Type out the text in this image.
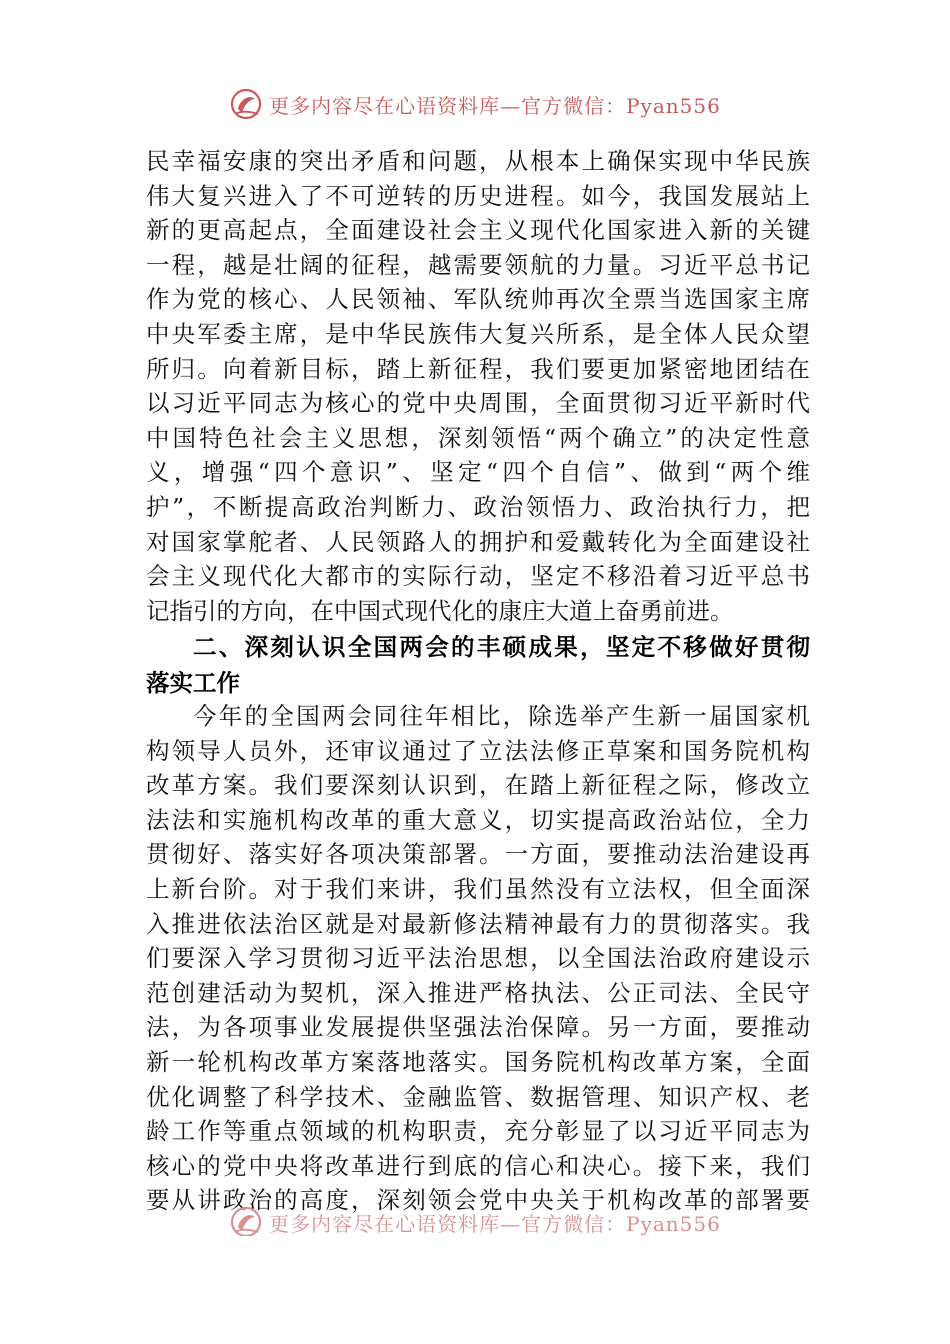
更多内容尽在心语资料库—官方微信：Pyan556
民幸福安康的突出矛盾和问题，从根本上确保实现中华民族
伟大复兴进入了不可逆转的历史进程。如今，我国发展站上
新的更高起点，全面建设社会主义现代化国家进入新的关键
一程，越是壮阔的征程，越需要领航的力量。习近平总书记
作为党的核心、人民领袖、军队统帅再次全票当选国家主席
中央军委主席，是中华民族伟大复兴所系，是全体人民众望
所归。向着新目标，踏上新征程，我们要更加紧密地团结在
以习近平同志为核心的党中央周围，全面贯彻习近平新时代
中国特色社会主义思想，深刻领悟“两个确立”的决定性意
义，增强“四个意识”、坚定“四个自信”、做到“两个维
护”，不断提高政治判断力、政治领悟力、政治执行力，把
对国家掌舵者、人民领路人的拥护和爱戴转化为全面建设社
会主义现代化大都市的实际行动，坚定不移沿着习近平总书
记指引的方向，在中国式现代化的康庄大道上奋勇前进。
二、深刻认识全国两会的丰硕成果，坚定不移做好贯彻
落实工作
今年的全国两会同往年相比，除选举产生新一届国家机
构领导人员外，还审议通过了立法法修正草案和国务院机构
改革方案。我们要深刻认识到，在踏上新征程之际，修改立
法法和实施机构改革的重大意义，切实提高政治站位，全力
贯彻好、落实好各项决策部署。一方面，要推动法治建设再
上新台阶。对于我们来讲，我们虽然没有立法权，但全面深
入推进依法治区就是对最新修法精神最有力的贯彻落实。我
们要深入学习贯彻习近平法治思想，以全国法治政府建设示
范创建活动为契机，深入推进严格执法、公正司法、全民守
法，为各项事业发展提供坚强法治保障。另一方面，要推动
新一轮机构改革方案落地落实。国务院机构改革方案，全面
优化调整了科学技术、金融监管、数据管理、知识产权、老
龄工作等重点领域的机构职责，充分彰显了以习近平同志为
核心的党中央将改革进行到底的信心和决心。接下来，我们
要从讲政治的高度，深刻领会党中央关于机构改革的部署要
更多内容尽在心语资料库—官方微信：Pyan556
